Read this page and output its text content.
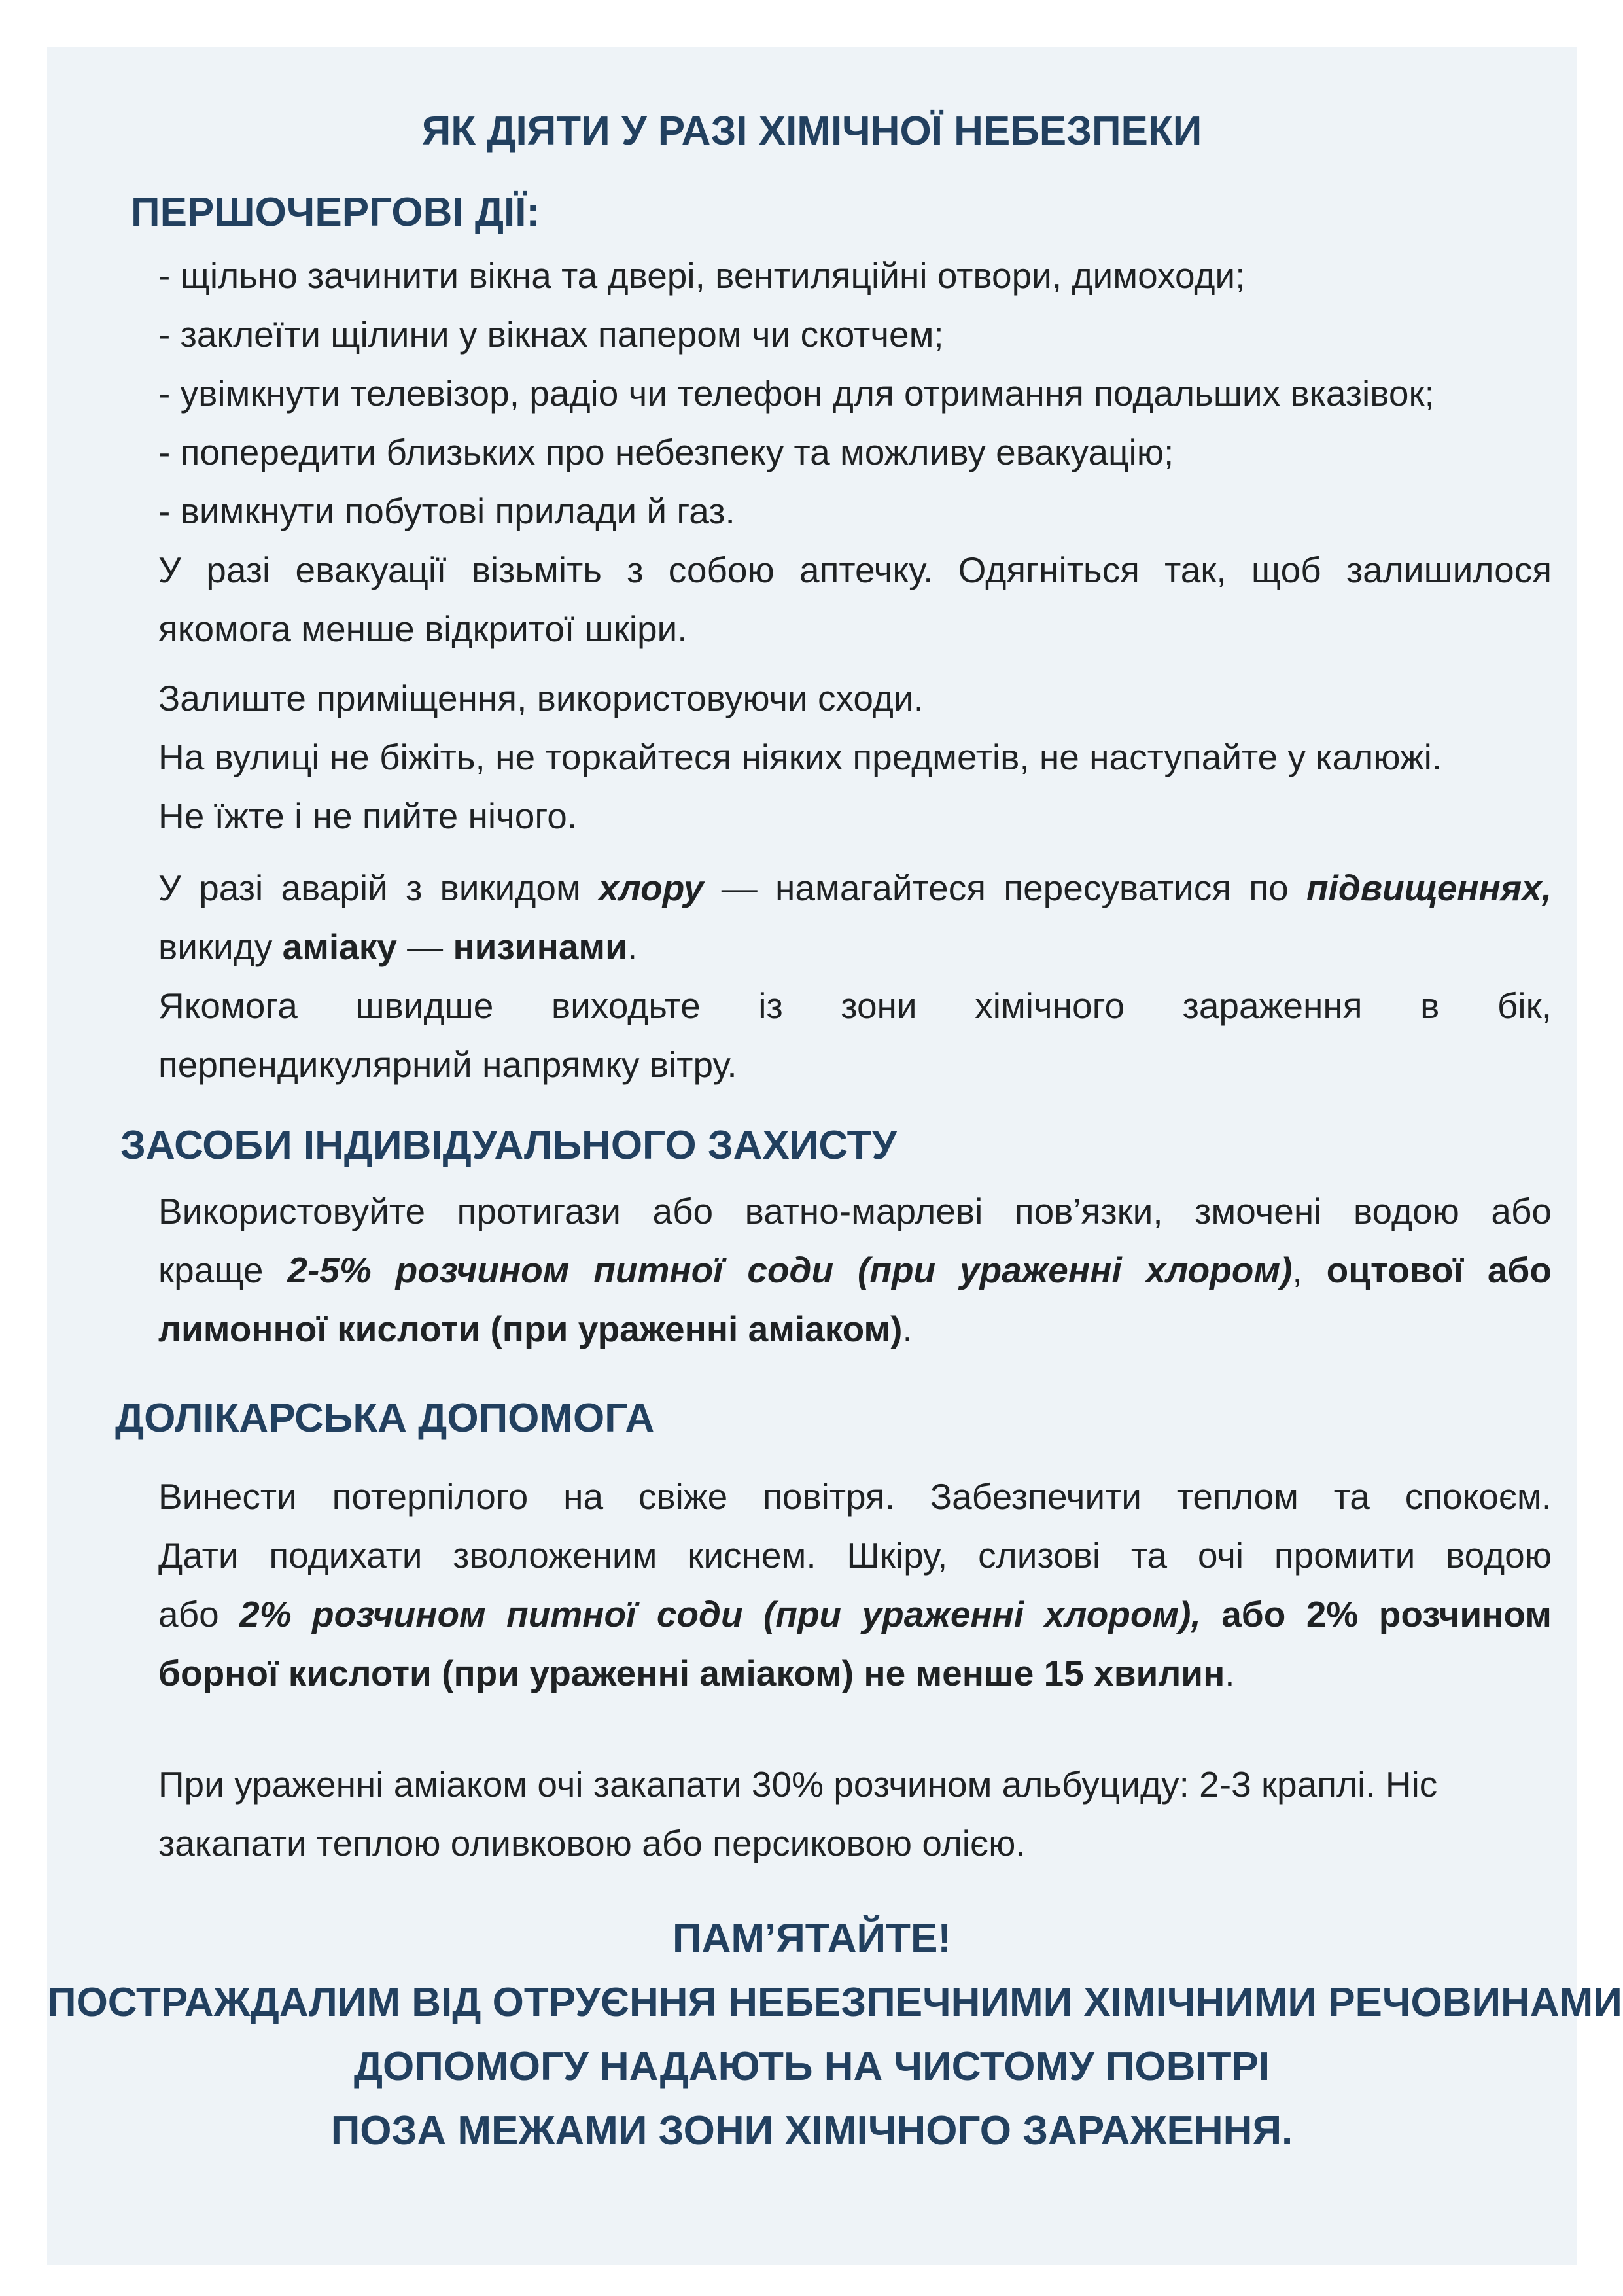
ЯК ДІЯТИ У РАЗІ ХІМІЧНОЇ НЕБЕЗПЕКИ
ПЕРШОЧЕРГОВІ ДІЇ:

- щільно зачинити вікна та двері, вентиляційні отвори, димоходи;

- заклеїти щілини у вікнах папером чи скотчем;

- увімкнути телевізор, радіо чи телефон для отримання подальших вказівок;

- попередити близьких про небезпеку та можливу евакуацію;

- вимкнути побутові прилади й газ.

У разі евакуації візьміть з собою аптечку. Одягніться так, щоб залишилося

якомога менше відкритої шкіри.

Залиште приміщення, використовуючи сходи.

На вулиці не біжіть, не торкайтеся ніяких предметів, не наступайте у калюжі.

Не їжте і не пийте нічого.

У разі аварій з викидом хлору — намагайтеся пересуватися по підвищеннях,

викиду аміаку — низинами.

Якомога швидше виходьте із зони хімічного зараження в бік,

перпендикулярний напрямку вітру.

ЗАСОБИ ІНДИВІДУАЛЬНОГО ЗАХИСТУ

Використовуйте протигази або ватно-марлеві пов’язки, змочені водою або

краще 2-5% розчином питної соди (при ураженні хлором), оцтової або

лимонної кислоти (при ураженні аміаком).

ДОЛІКАРСЬКА ДОПОМОГА

Винести потерпілого на свіже повітря. Забезпечити теплом та спокоєм.

Дати подихати зволоженим киснем. Шкіру, слизові та очі промити водою

або 2% розчином питної соди (при ураженні хлором), або 2% розчином

борної кислоти (при ураженні аміаком) не менше 15 хвилин.

При ураженні аміаком очі закапати 30% розчином альбуциду: 2-3 краплі. Ніс

закапати теплою оливковою або персиковою олією.

ПАМ’ЯТАЙТЕ!

ПОСТРАЖДАЛИМ ВІД ОТРУЄННЯ НЕБЕЗПЕЧНИМИ ХІМІЧНИМИ РЕЧОВИНАМИ

ДОПОМОГУ НАДАЮТЬ НА ЧИСТОМУ ПОВІТРІ

ПОЗА МЕЖАМИ ЗОНИ ХІМІЧНОГО ЗАРАЖЕННЯ.
